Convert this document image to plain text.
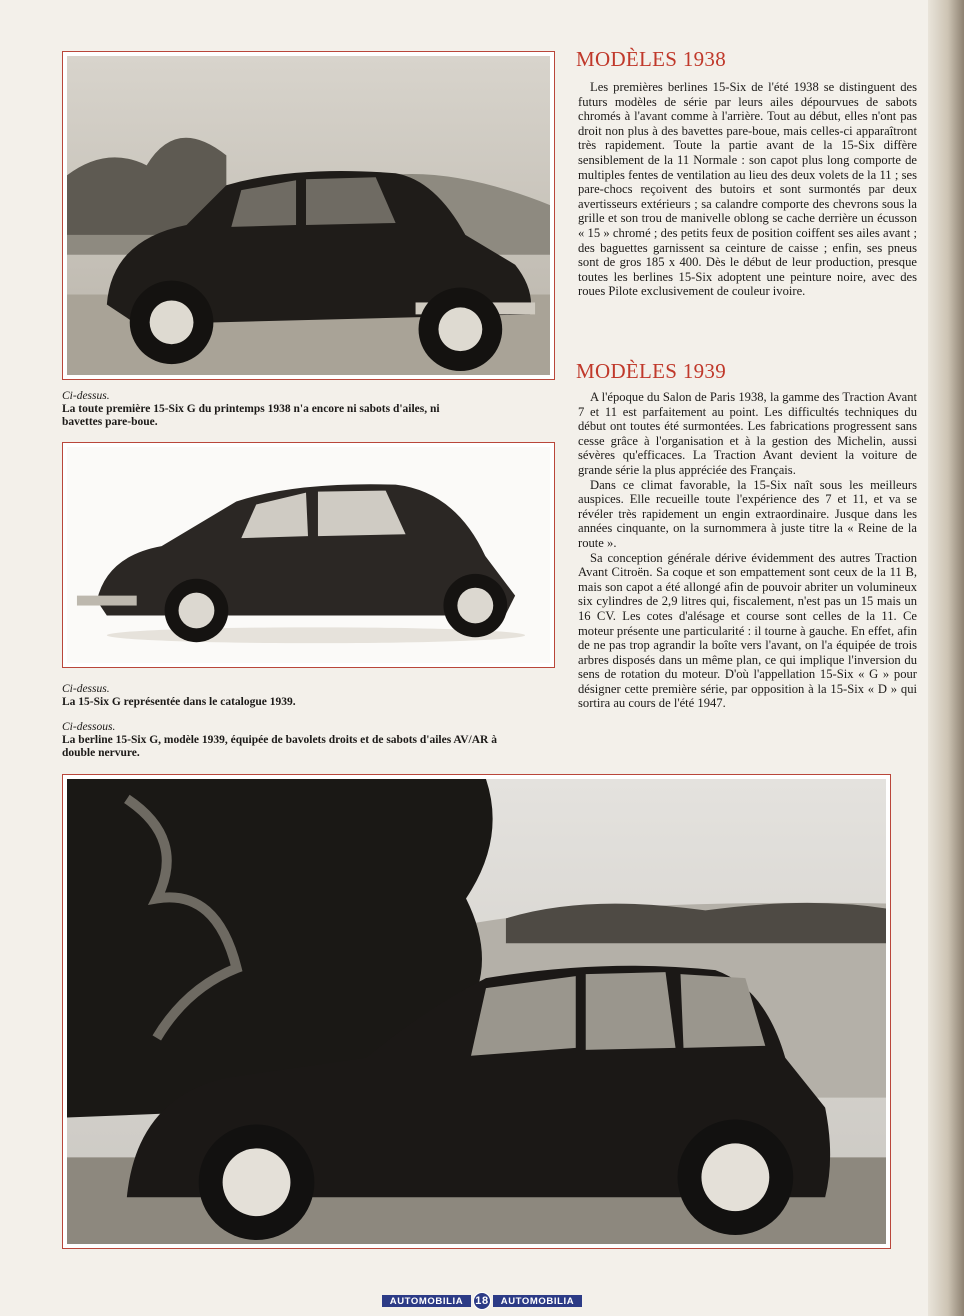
Ci-dessus.
La toute première 15-Six G du printemps 1938 n'a encore ni sabots d'ailes, ni bavettes pare-boue.
Ci-dessus.
La 15-Six G représentée dans le catalogue 1939.
Ci-dessous.
La berline 15-Six G, modèle 1939, équipée de bavolets droits et de sabots d'ailes AV/AR à double nervure.
MODÈLES 1938

Les premières berlines 15-Six de l'été 1938 se distinguent des futurs modèles de série par leurs ailes dépourvues de sabots chromés à l'avant comme à l'arrière. Tout au début, elles n'ont pas droit non plus à des bavettes pare-boue, mais celles-ci apparaîtront très rapidement. Toute la partie avant de la 15-Six diffère sensiblement de la 11 Normale : son capot plus long comporte de multiples fentes de ventilation au lieu des deux volets de la 11 ; ses pare-chocs reçoivent des butoirs et sont surmontés par deux avertisseurs extérieurs ; sa calandre comporte des chevrons sous la grille et son trou de manivelle oblong se cache derrière un écusson « 15 » chromé ; des petits feux de position coiffent ses ailes avant ; des baguettes garnissent sa ceinture de caisse ; enfin, ses pneus sont de gros 185 x 400. Dès le début de leur production, presque toutes les berlines 15-Six adoptent une peinture noire, avec des roues Pilote exclusivement de couleur ivoire.

MODÈLES 1939

A l'époque du Salon de Paris 1938, la gamme des Traction Avant 7 et 11 est parfaitement au point. Les difficultés techniques du début ont toutes été surmontées. Les fabrications progressent sans cesse grâce à l'organisation et à la gestion des Michelin, aussi sévères qu'efficaces. La Traction Avant devient la voiture de grande série la plus appréciée des Français.

Dans ce climat favorable, la 15-Six naît sous les meilleurs auspices. Elle recueille toute l'expérience des 7 et 11, et va se révéler très rapidement un engin extraordinaire. Jusque dans les années cinquante, on la surnommera à juste titre la « Reine de la route ».

Sa conception générale dérive évidemment des autres Traction Avant Citroën. Sa coque et son empattement sont ceux de la 11 B, mais son capot a été allongé afin de pouvoir abriter un volumineux six cylindres de 2,9 litres qui, fiscalement, n'est pas un 15 mais un 16 CV. Les cotes d'alésage et course sont celles de la 11. Ce moteur présente une particularité : il tourne à gauche. En effet, afin de ne pas trop agrandir la boîte vers l'avant, on l'a équipée de trois arbres disposés dans un même plan, ce qui implique l'inversion du sens de rotation du moteur. D'où l'appellation 15-Six « G » pour désigner cette première série, par opposition à la 15-Six « D » qui sortira au cours de l'été 1947.

AUTOMOBILIA	18	AUTOMOBILIA
